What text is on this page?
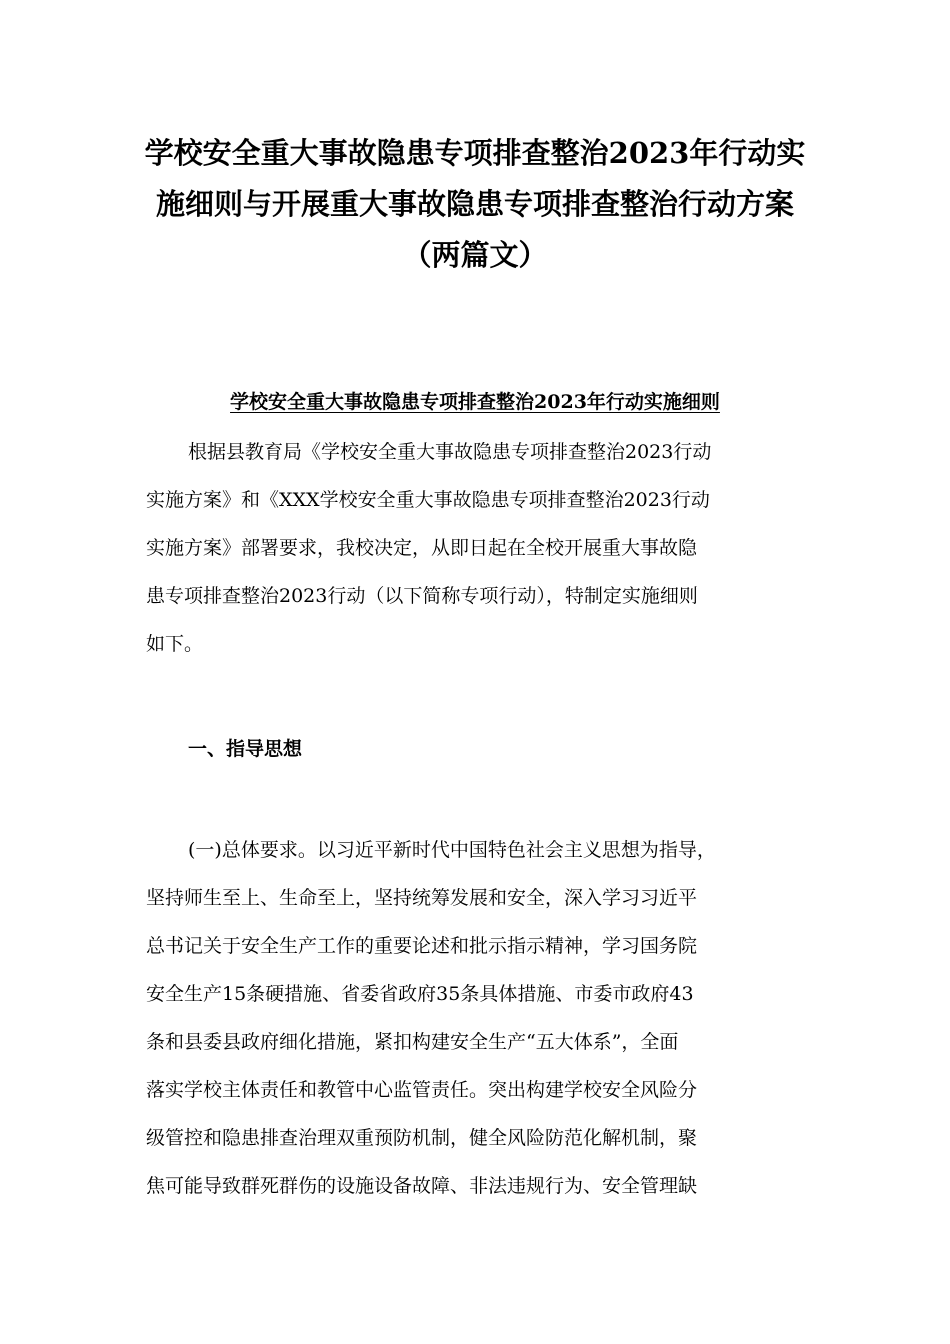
学校安全重大事故隐患专项排查整治2023年行动实
施细则与开展重大事故隐患专项排查整治行动方案
（两篇文）
学校安全重大事故隐患专项排查整治2023年行动实施细则

根据县教育局《学校安全重大事故隐患专项排查整治2023行动
实施方案》和《XXX学校安全重大事故隐患专项排查整治2023行动
实施方案》部署要求，我校决定，从即日起在全校开展重大事故隐
患专项排查整治2023行动（以下简称专项行动），特制定实施细则
如下。

一、指导思想

(一)总体要求。以习近平新时代中国特色社会主义思想为指导，
坚持师生至上、生命至上，坚持统筹发展和安全，深入学习习近平
总书记关于安全生产工作的重要论述和批示指示精神，学习国务院
安全生产15条硬措施、省委省政府35条具体措施、市委市政府43
条和县委县政府细化措施，紧扣构建安全生产“五大体系”，全面
落实学校主体责任和教管中心监管责任。突出构建学校安全风险分
级管控和隐患排查治理双重预防机制，健全风险防范化解机制，聚
焦可能导致群死群伤的设施设备故障、非法违规行为、安全管理缺
